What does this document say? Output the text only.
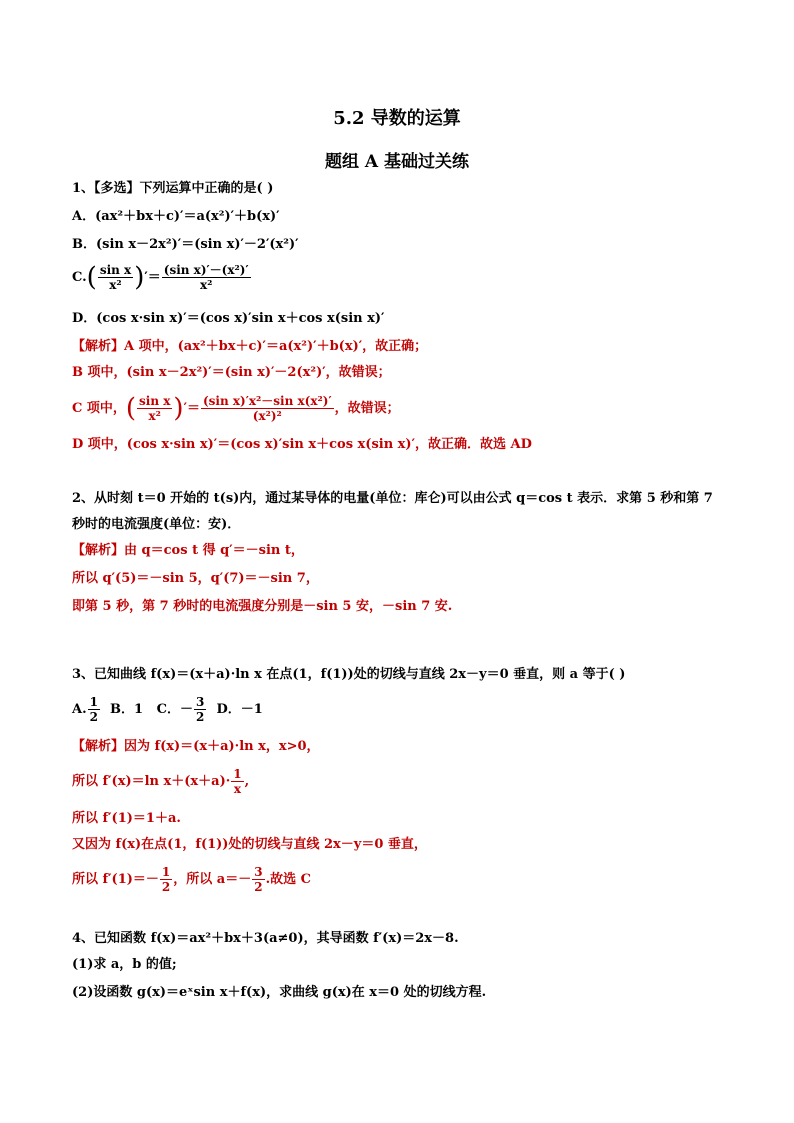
5.2 导数的运算
题组 A 基础过关练
1、【多选】下列运算中正确的是( )
A．(ax²＋bx＋c)′＝a(x²)′＋b(x)′
B．(sin x－2x²)′＝(sin x)′－2′(x²)′
$C.( \frac{\text{sin x}}{\text{x²}}$ )′＝ $\frac{\text{(sin x)′－(x²)′}}{\text{x²}}$
D．(cos x·sin x)′＝(cos x)′sin x＋cos x(sin x)′
【解析】A 项中，(ax²＋bx＋c)′＝a(x²)′＋b(x)′，故正确；
B 项中，(sin x－2x²)′＝(sin x)′－2(x²)′，故错误；
C 项中，( $\frac{\text{sin x}}{\text{x²}}$ )′＝ $\frac{\text{(sin x)′x²－sin x(x²)′}}{\text{(x²)²}}$ ，故错误；
D 项中，(cos x·sin x)′＝(cos x)′sin x＋cos x(sin x)′，故正确．故选 AD
2、从时刻 t＝0 开始的 t(s)内，通过某导体的电量(单位：库仑)可以由公式 q＝cos t 表示．求第 5 秒和第 7
秒时的电流强度(单位：安)．
【解析】由 q＝cos t 得 q′＝－sin t，
所以 q′(5)＝－sin 5，q′(7)＝－sin 7，
即第 5 秒，第 7 秒时的电流强度分别是－sin 5 安，－sin 7 安.
3、已知曲线 f(x)＝(x＋a)·ln x 在点(1，f(1))处的切线与直线 2x－y＝0 垂直，则 a 等于( )
A. $\frac{1}{2}$ B．1 C．－ $\frac{3}{2}$ D．－1
【解析】因为 f(x)＝(x＋a)·ln x，x>0，
所以 f′(x)＝ln $x+(x+a)\cdot \frac{1}{x}$ ,
所以 f′(1)＝1＋a.
又因为 f(x)在点(1，f(1))处的切线与直线 2x－y＝0 垂直，
所以 $f'(1)=- \frac{1}{2}$ ，所以 $a=- \frac{3}{2}$ .故选 C
4、已知函数 f(x)＝ax²＋bx＋3(a≠0)，其导函数 f′(x)＝2x－8.
(1)求 a，b 的值;
(2)设函数 g(x)＝eˣsin x＋f(x)，求曲线 g(x)在 x＝0 处的切线方程.
